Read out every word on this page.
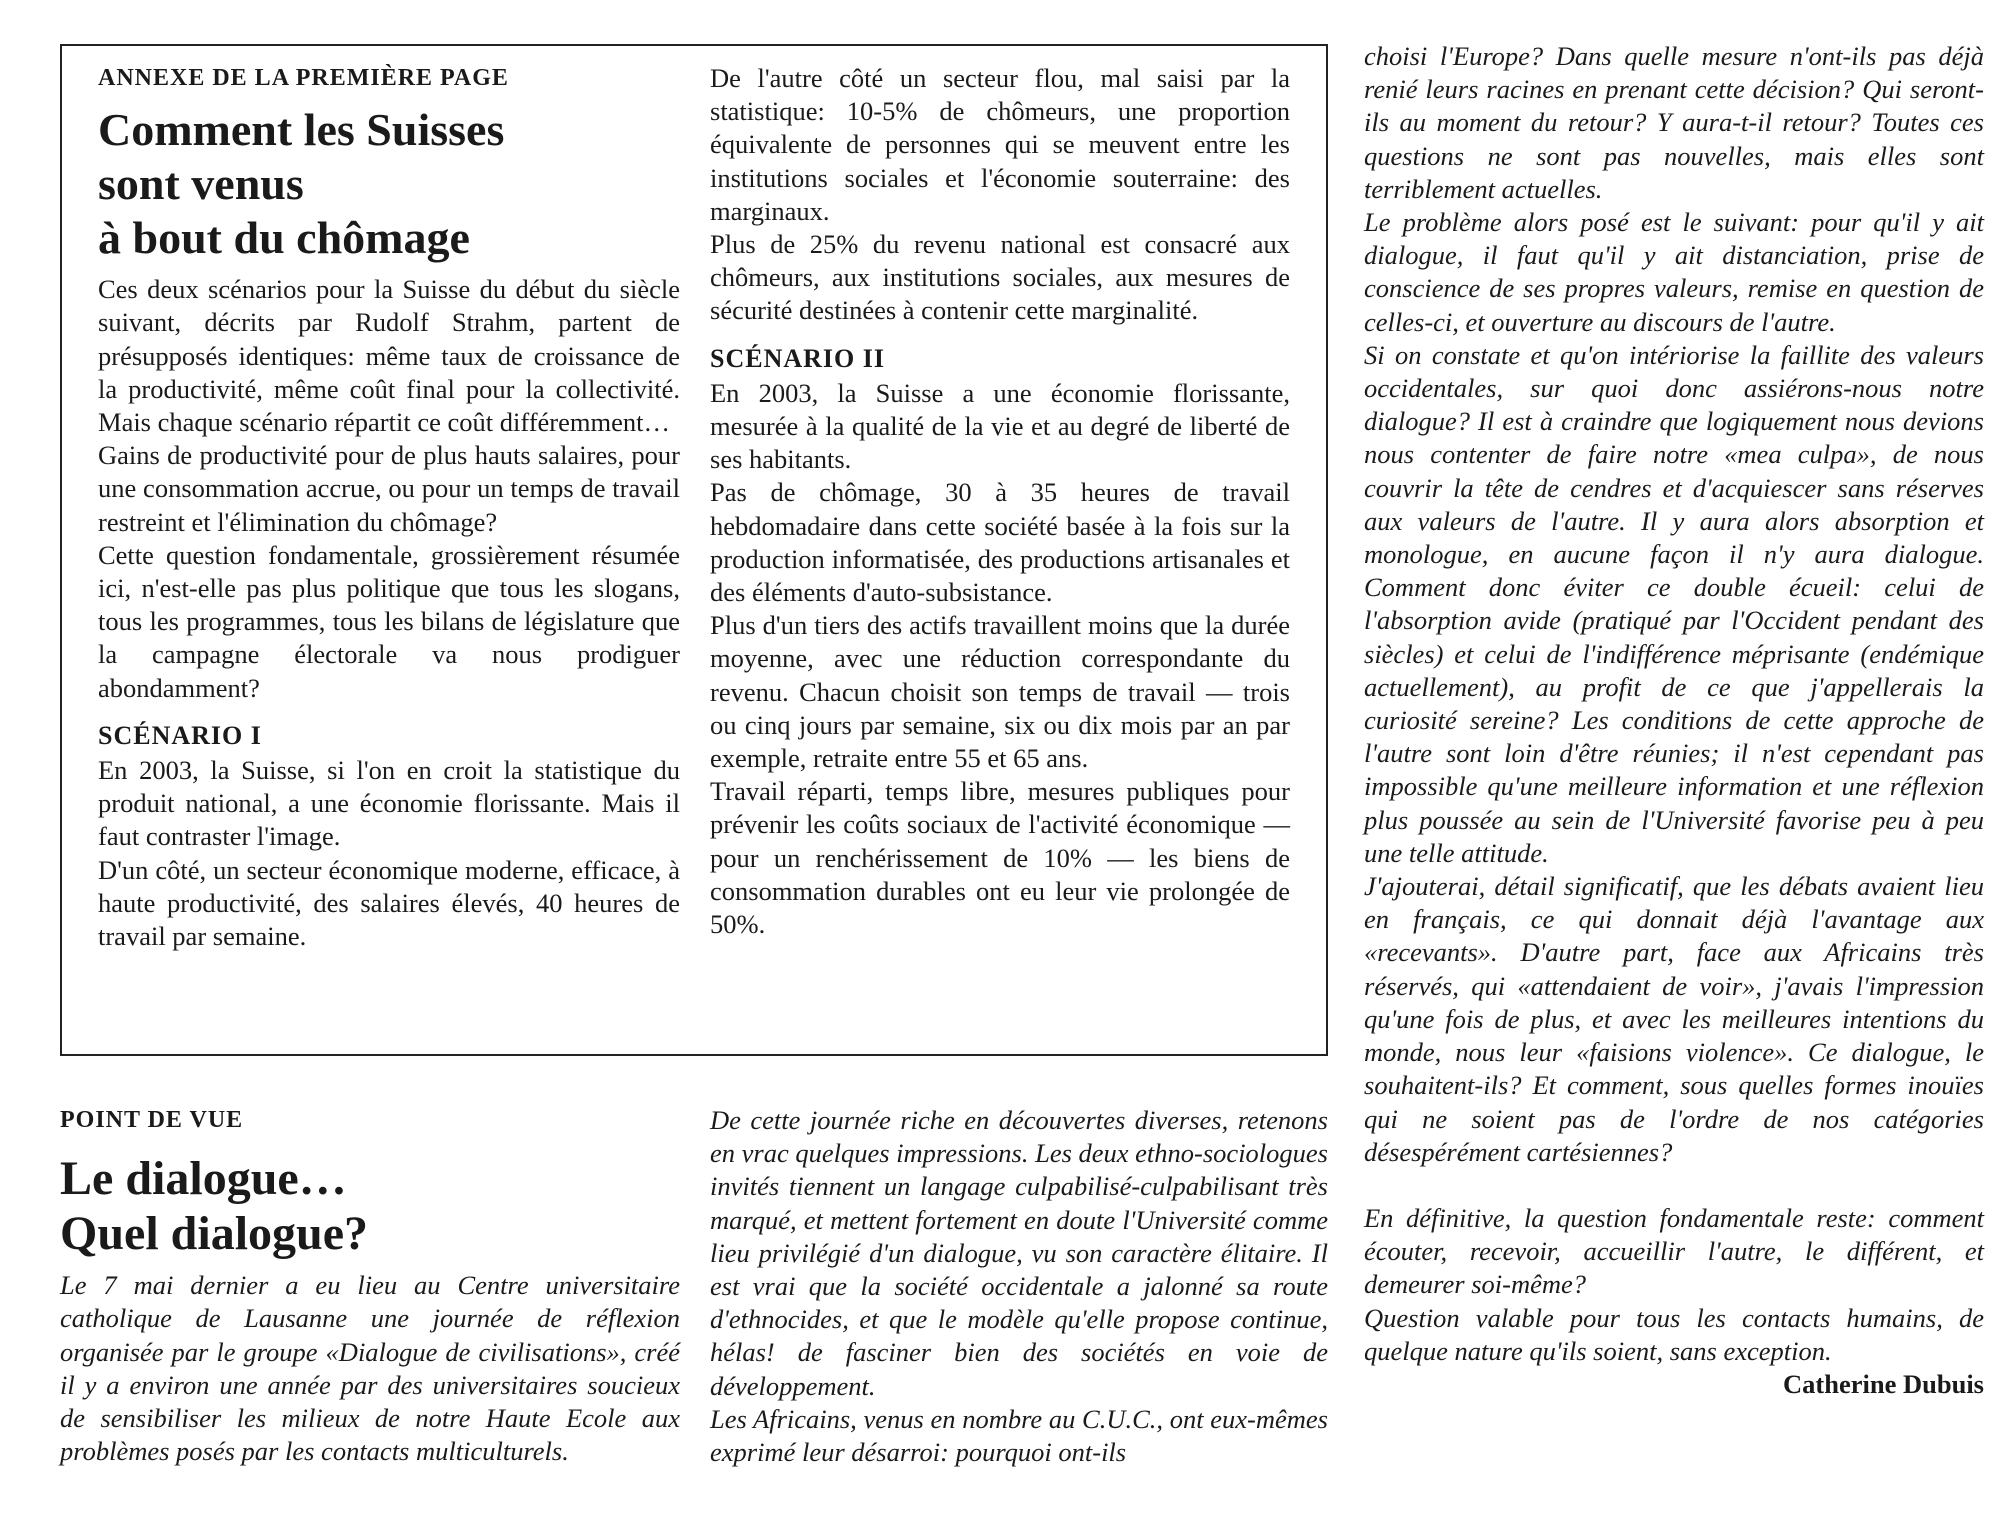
ANNEXE DE LA PREMIÈRE PAGE
Comment les Suisses
sont venus
à bout du chômage

Ces deux scénarios pour la Suisse du début du siècle suivant, décrits par Rudolf Strahm, partent de présupposés identiques: même taux de croissance de la productivité, même coût final pour la collectivité. Mais chaque scénario répartit ce coût différemment…

Gains de productivité pour de plus hauts salaires, pour une consommation accrue, ou pour un temps de travail restreint et l'élimination du chômage?

Cette question fondamentale, grossièrement résumée ici, n'est-elle pas plus politique que tous les slogans, tous les programmes, tous les bilans de législature que la campagne électorale va nous prodiguer abondamment?

SCÉNARIO I

En 2003, la Suisse, si l'on en croit la statistique du produit national, a une économie florissante. Mais il faut contraster l'image.

D'un côté, un secteur économique moderne, efficace, à haute productivité, des salaires élevés, 40 heures de travail par semaine.

De l'autre côté un secteur flou, mal saisi par la statistique: 10-5% de chômeurs, une proportion équivalente de personnes qui se meuvent entre les institutions sociales et l'économie souterraine: des marginaux.

Plus de 25% du revenu national est consacré aux chômeurs, aux institutions sociales, aux mesures de sécurité destinées à contenir cette marginalité.

SCÉNARIO II

En 2003, la Suisse a une économie florissante, mesurée à la qualité de la vie et au degré de liberté de ses habitants.

Pas de chômage, 30 à 35 heures de travail hebdomadaire dans cette société basée à la fois sur la production informatisée, des productions artisanales et des éléments d'auto-subsistance.

Plus d'un tiers des actifs travaillent moins que la durée moyenne, avec une réduction correspondante du revenu. Chacun choisit son temps de travail — trois ou cinq jours par semaine, six ou dix mois par an par exemple, retraite entre 55 et 65 ans.

Travail réparti, temps libre, mesures publiques pour prévenir les coûts sociaux de l'activité économique — pour un renchérissement de 10% — les biens de consommation durables ont eu leur vie prolongée de 50%.

POINT DE VUE
Le dialogue…
Quel dialogue?

Le 7 mai dernier a eu lieu au Centre universitaire catholique de Lausanne une journée de réflexion organisée par le groupe «Dialogue de civilisations», créé il y a environ une année par des universitaires soucieux de sensibiliser les milieux de notre Haute Ecole aux problèmes posés par les contacts multiculturels.

De cette journée riche en découvertes diverses, retenons en vrac quelques impressions. Les deux ethno-sociologues invités tiennent un langage culpabilisé-culpabilisant très marqué, et mettent fortement en doute l'Université comme lieu privilégié d'un dialogue, vu son caractère élitaire. Il est vrai que la société occidentale a jalonné sa route d'ethnocides, et que le modèle qu'elle propose continue, hélas! de fasciner bien des sociétés en voie de développement.

Les Africains, venus en nombre au C.U.C., ont eux-mêmes exprimé leur désarroi: pourquoi ont-ils

choisi l'Europe? Dans quelle mesure n'ont-ils pas déjà renié leurs racines en prenant cette décision? Qui seront-ils au moment du retour? Y aura-t-il retour? Toutes ces questions ne sont pas nouvelles, mais elles sont terriblement actuelles.

Le problème alors posé est le suivant: pour qu'il y ait dialogue, il faut qu'il y ait distanciation, prise de conscience de ses propres valeurs, remise en question de celles-ci, et ouverture au discours de l'autre.

Si on constate et qu'on intériorise la faillite des valeurs occidentales, sur quoi donc assiérons-nous notre dialogue? Il est à craindre que logiquement nous devions nous contenter de faire notre «mea culpa», de nous couvrir la tête de cendres et d'acquiescer sans réserves aux valeurs de l'autre. Il y aura alors absorption et monologue, en aucune façon il n'y aura dialogue. Comment donc éviter ce double écueil: celui de l'absorption avide (pratiqué par l'Occident pendant des siècles) et celui de l'indifférence méprisante (endémique actuellement), au profit de ce que j'appellerais la curiosité sereine? Les conditions de cette approche de l'autre sont loin d'être réunies; il n'est cependant pas impossible qu'une meilleure information et une réflexion plus poussée au sein de l'Université favorise peu à peu une telle attitude.

J'ajouterai, détail significatif, que les débats avaient lieu en français, ce qui donnait déjà l'avantage aux «recevants». D'autre part, face aux Africains très réservés, qui «attendaient de voir», j'avais l'impression qu'une fois de plus, et avec les meilleures intentions du monde, nous leur «faisions violence». Ce dialogue, le souhaitent-ils? Et comment, sous quelles formes inouïes qui ne soient pas de l'ordre de nos catégories désespérément cartésiennes?

En définitive, la question fondamentale reste: comment écouter, recevoir, accueillir l'autre, le différent, et demeurer soi-même?

Question valable pour tous les contacts humains, de quelque nature qu'ils soient, sans exception.

Catherine Dubuis
